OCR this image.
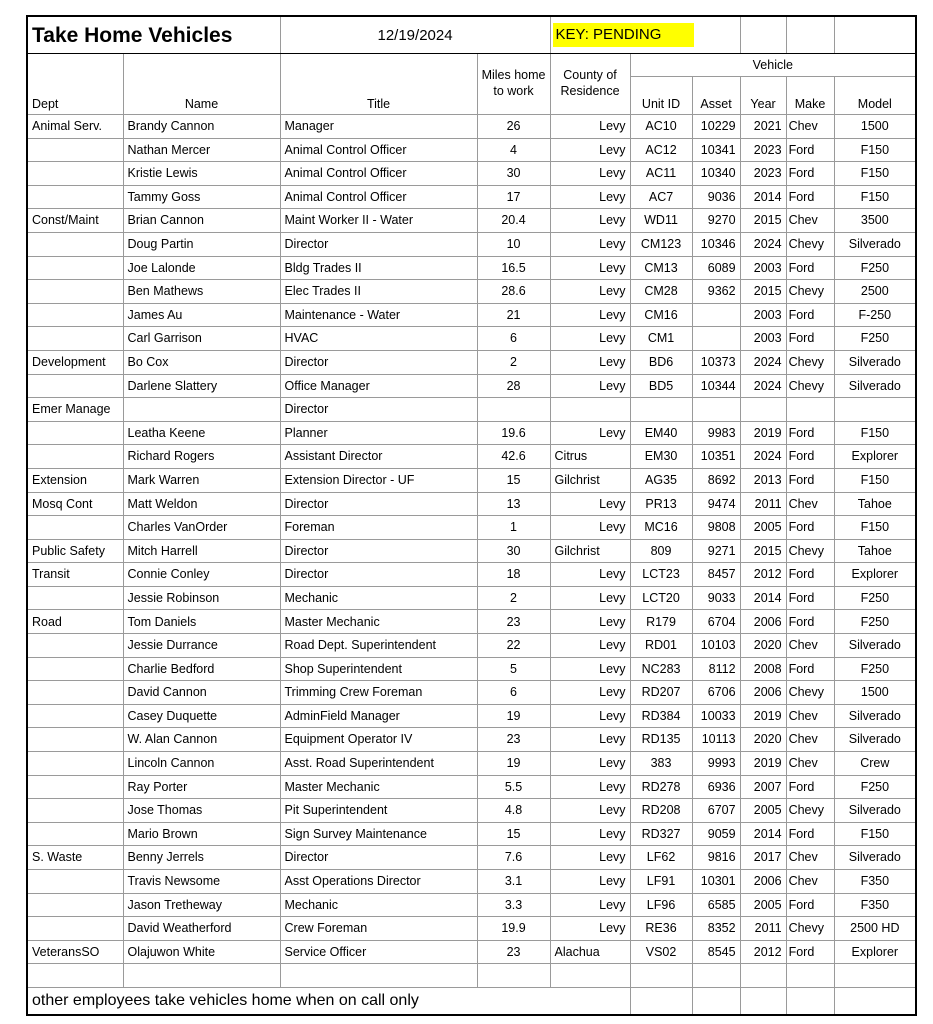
Take Home Vehicles		12/19/2024		KEY: PENDING					
			Miles home to work	County of Residence	Vehicle				
Dept	Name	Title			Unit ID	Asset	Year	Make	Model
Animal Serv.	Brandy Cannon	Manager	26	Levy	AC10	10229	2021	Chev	1500
	Nathan Mercer	Animal Control Officer	4	Levy	AC12	10341	2023	Ford	F150
	Kristie Lewis	Animal Control Officer	30	Levy	AC11	10340	2023	Ford	F150
	Tammy Goss	Animal Control Officer	17	Levy	AC7	9036	2014	Ford	F150
Const/Maint	Brian Cannon	Maint Worker II - Water	20.4	Levy	WD11	9270	2015	Chev	3500
	Doug Partin	Director	10	Levy	CM123	10346	2024	Chevy	Silverado
	Joe Lalonde	Bldg Trades II	16.5	Levy	CM13	6089	2003	Ford	F250
	Ben Mathews	Elec Trades II	28.6	Levy	CM28	9362	2015	Chevy	2500
	James Au	Maintenance - Water	21	Levy	CM16		2003	Ford	F-250
	Carl Garrison	HVAC	6	Levy	CM1		2003	Ford	F250
Development	Bo Cox	Director	2	Levy	BD6	10373	2024	Chevy	Silverado
	Darlene Slattery	Office Manager	28	Levy	BD5	10344	2024	Chevy	Silverado
Emer Manage		Director							
	Leatha Keene	Planner	19.6	Levy	EM40	9983	2019	Ford	F150
	Richard Rogers	Assistant Director	42.6	Citrus	EM30	10351	2024	Ford	Explorer
Extension	Mark Warren	Extension Director - UF	15	Gilchrist	AG35	8692	2013	Ford	F150
Mosq Cont	Matt Weldon	Director	13	Levy	PR13	9474	2011	Chev	Tahoe
	Charles VanOrder	Foreman	1	Levy	MC16	9808	2005	Ford	F150
Public Safety	Mitch Harrell	Director	30	Gilchrist	809	9271	2015	Chevy	Tahoe
Transit	Connie Conley	Director	18	Levy	LCT23	8457	2012	Ford	Explorer
	Jessie Robinson	Mechanic	2	Levy	LCT20	9033	2014	Ford	F250
Road	Tom Daniels	Master Mechanic	23	Levy	R179	6704	2006	Ford	F250
	Jessie Durrance	Road Dept. Superintendent	22	Levy	RD01	10103	2020	Chev	Silverado
	Charlie Bedford	Shop Superintendent	5	Levy	NC283	8112	2008	Ford	F250
	David Cannon	Trimming Crew Foreman	6	Levy	RD207	6706	2006	Chevy	1500
	Casey Duquette	AdminField Manager	19	Levy	RD384	10033	2019	Chev	Silverado
	W. Alan Cannon	Equipment Operator IV	23	Levy	RD135	10113	2020	Chev	Silverado
	Lincoln Cannon	Asst. Road Superintendent	19	Levy	383	9993	2019	Chev	Crew
	Ray Porter	Master Mechanic	5.5	Levy	RD278	6936	2007	Ford	F250
	Jose Thomas	Pit Superintendent	4.8	Levy	RD208	6707	2005	Chevy	Silverado
	Mario Brown	Sign Survey Maintenance	15	Levy	RD327	9059	2014	Ford	F150
S. Waste	Benny Jerrels	Director	7.6	Levy	LF62	9816	2017	Chev	Silverado
	Travis Newsome	Asst Operations Director	3.1	Levy	LF91	10301	2006	Chev	F350
	Jason Tretheway	Mechanic	3.3	Levy	LF96	6585	2005	Ford	F350
	David Weatherford	Crew Foreman	19.9	Levy	RE36	8352	2011	Chevy	2500 HD
VeteransSO	Olajuwon White	Service Officer	23	Alachua	VS02	8545	2012	Ford	Explorer

other employees take vehicles home when on call only									
